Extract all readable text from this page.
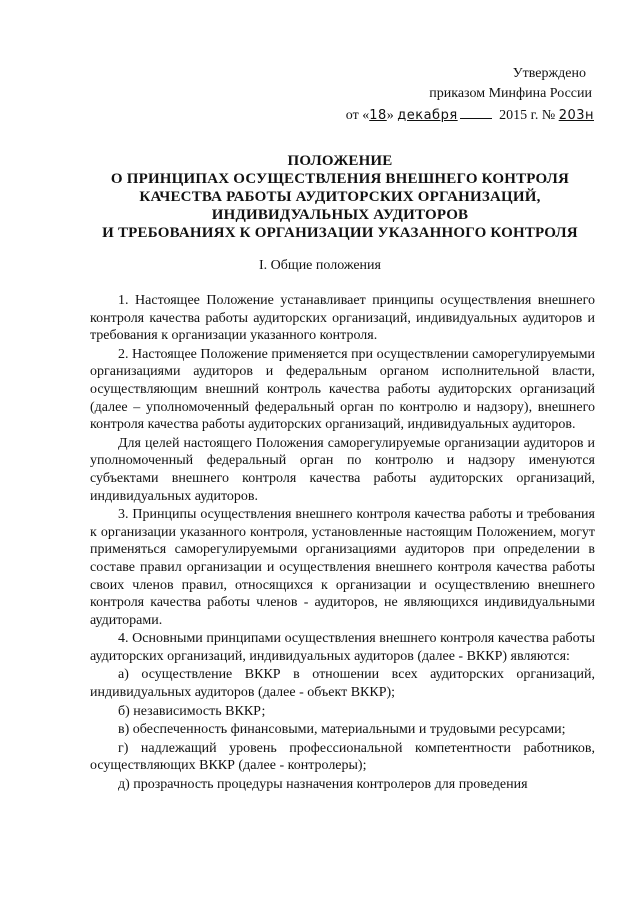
Утверждено
приказом Минфина России
от «18» декабря	2015 г. № 203н
ПОЛОЖЕНИЕ
О ПРИНЦИПАХ ОСУЩЕСТВЛЕНИЯ ВНЕШНЕГО КОНТРОЛЯ
КАЧЕСТВА РАБОТЫ АУДИТОРСКИХ ОРГАНИЗАЦИЙ,
ИНДИВИДУАЛЬНЫХ АУДИТОРОВ
И ТРЕБОВАНИЯХ К ОРГАНИЗАЦИИ УКАЗАННОГО КОНТРОЛЯ
I. Общие положения

1. Настоящее Положение устанавливает принципы осуществления внешнего контроля качества работы аудиторских организаций, индивидуальных аудиторов и требования к организации указанного контроля.

2. Настоящее Положение применяется при осуществлении саморегулируемыми организациями аудиторов и федеральным органом исполнительной власти, осуществляющим внешний контроль качества работы аудиторских организаций (далее – уполномоченный федеральный орган по контролю и надзору), внешнего контроля качества работы аудиторских организаций, индивидуальных аудиторов.

Для целей настоящего Положения саморегулируемые организации аудиторов и уполномоченный федеральный орган по контролю и надзору именуются субъектами внешнего контроля качества работы аудиторских организаций, индивидуальных аудиторов.

3. Принципы осуществления внешнего контроля качества работы и требования к организации указанного контроля, установленные настоящим Положением, могут применяться саморегулируемыми организациями аудиторов при определении в составе правил организации и осуществления внешнего контроля качества работы своих членов правил, относящихся к организации и осуществлению внешнего контроля качества работы членов - аудиторов, не являющихся индивидуальными аудиторами.

4. Основными принципами осуществления внешнего контроля качества работы аудиторских организаций, индивидуальных аудиторов (далее - ВККР) являются:

а) осуществление ВККР в отношении всех аудиторских организаций, индивидуальных аудиторов (далее - объект ВККР);

б) независимость ВККР;

в) обеспеченность финансовыми, материальными и трудовыми ресурсами;

г) надлежащий уровень профессиональной компетентности работников, осуществляющих ВККР (далее - контролеры);

д) прозрачность процедуры назначения контролеров для проведения
